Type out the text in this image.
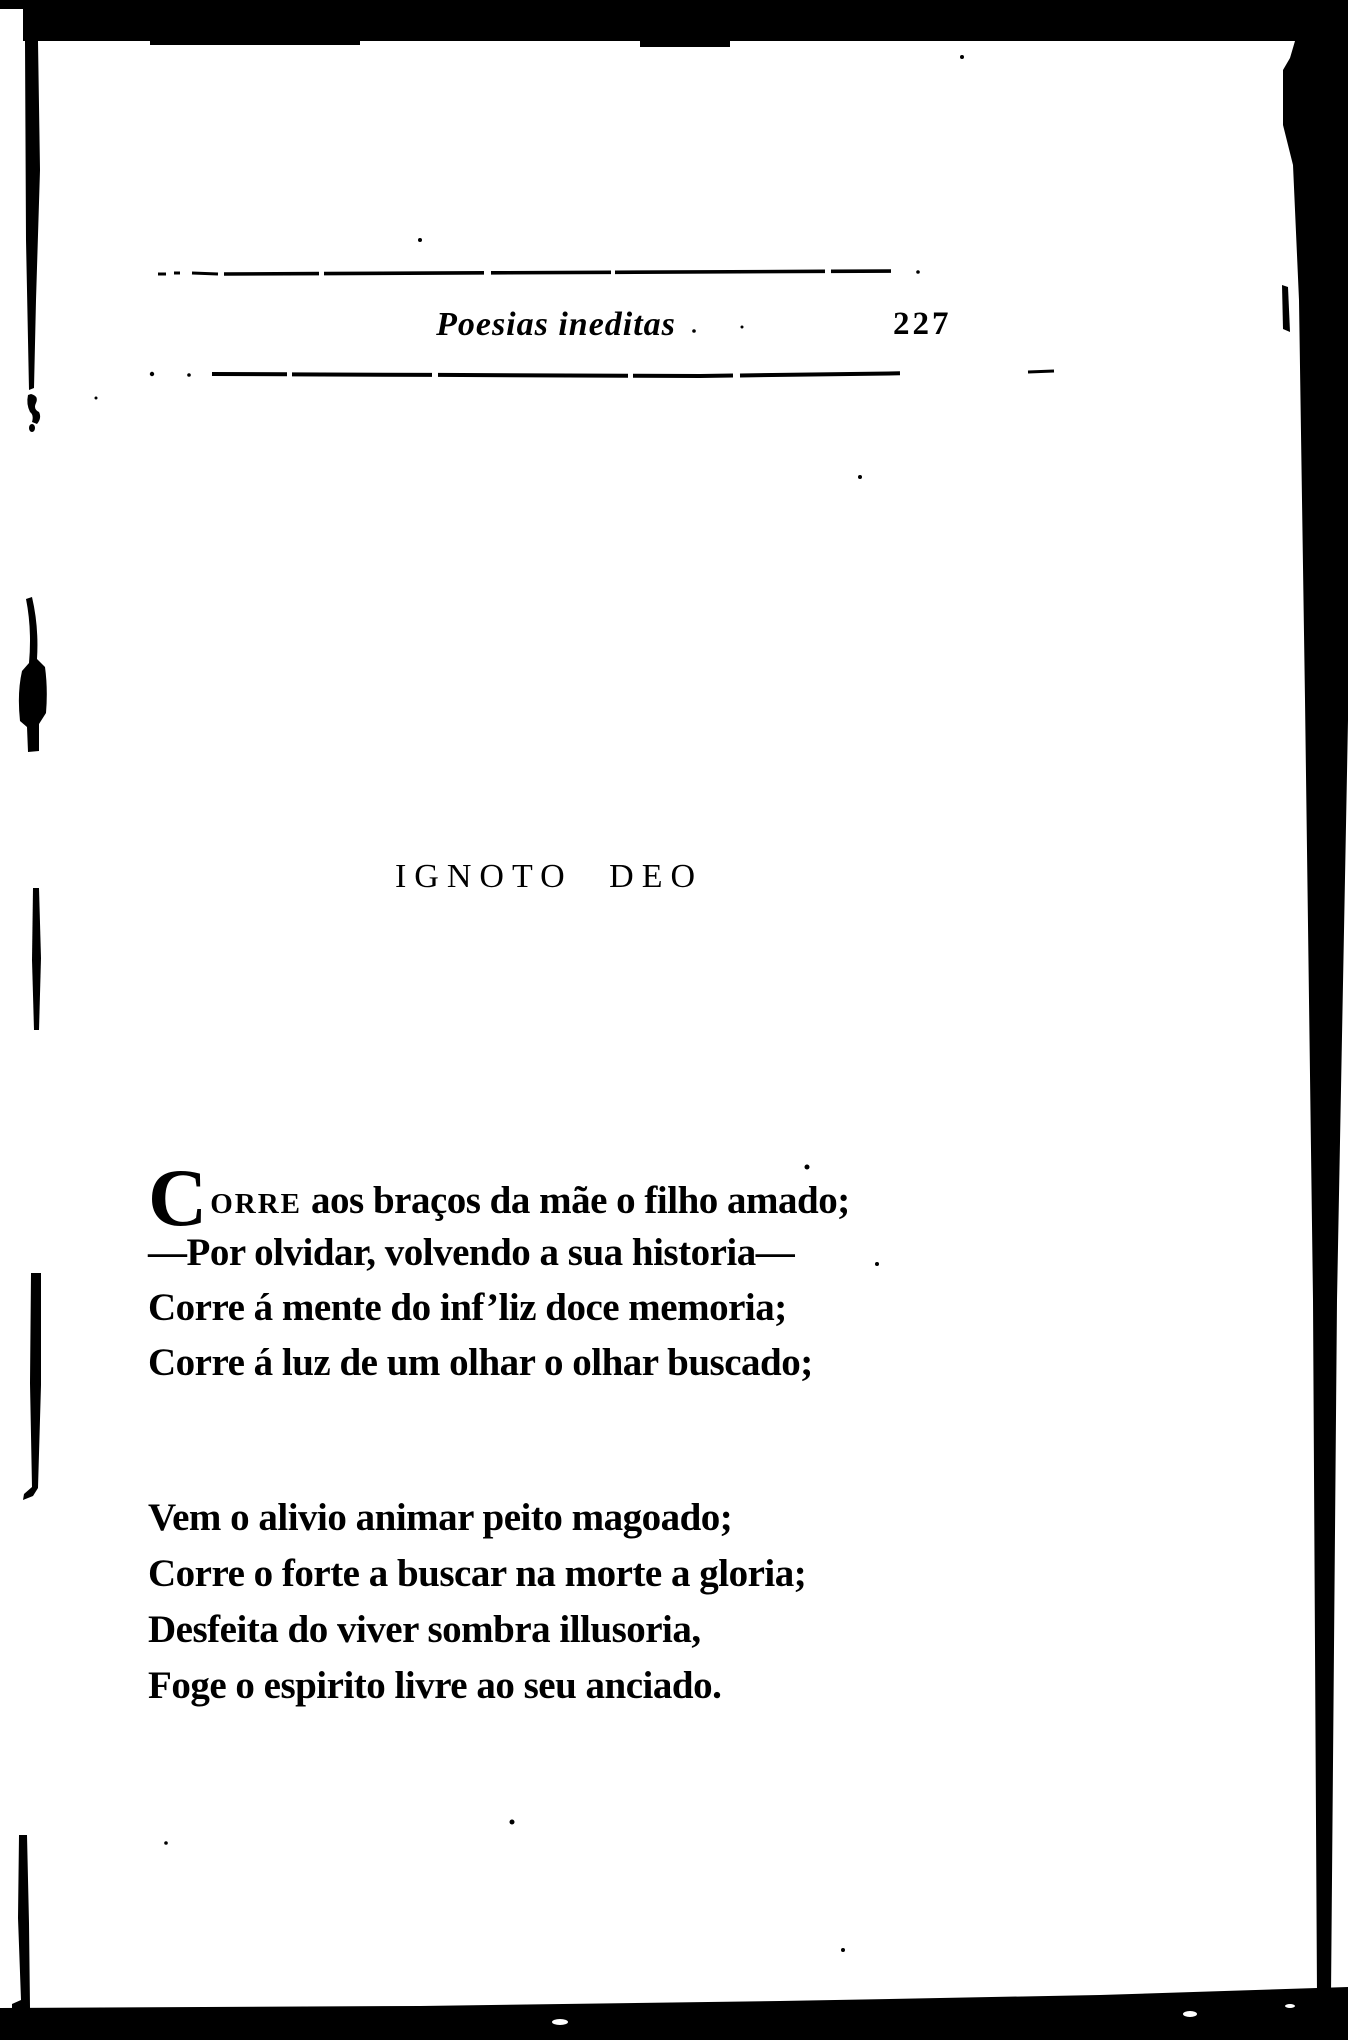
Poesias ineditas	227
IGNOTO DEO
CORRE aos braços da mãe o filho amado;
—Por olvidar, volvendo a sua historia—
Corre á mente do inf’liz doce memoria;
Corre á luz de um olhar o olhar buscado;
Vem o alivio animar peito magoado;
Corre o forte a buscar na morte a gloria;
Desfeita do viver sombra illusoria,
Foge o espirito livre ao seu anciado.
